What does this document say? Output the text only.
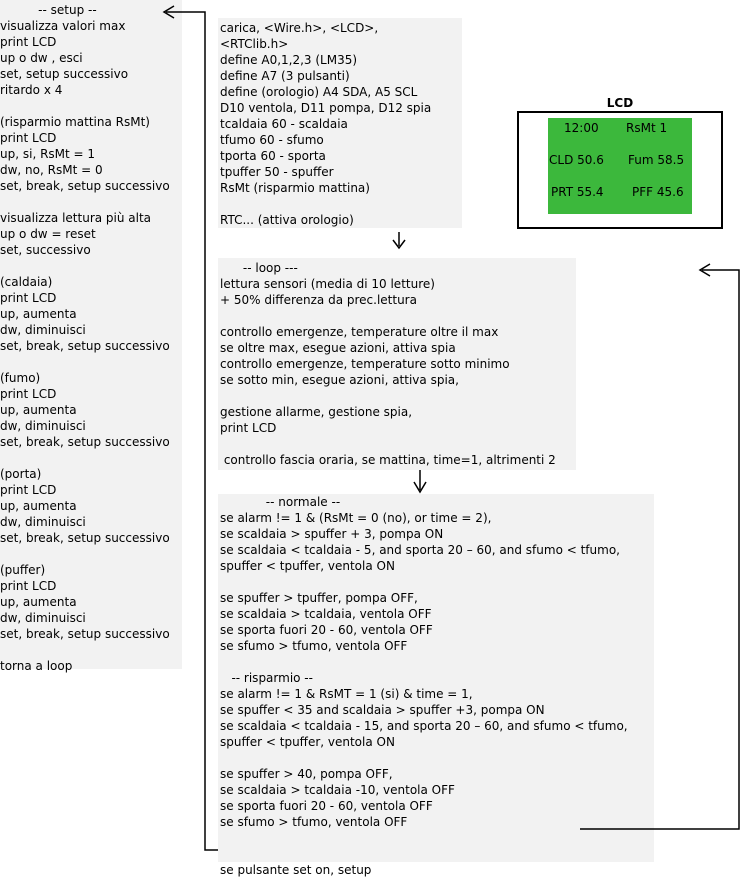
-- setup --
visualizza valori max
print LCD
up o dw , esci
set, setup successivo
ritardo x 4

(risparmio mattina RsMt)
print LCD
up, si, RsMt = 1
dw, no, RsMt = 0
set, break, setup successivo

visualizza lettura più alta
up o dw = reset
set, successivo

(caldaia)
print LCD
up, aumenta
dw, diminuisci
set, break, setup successivo

(fumo)
print LCD
up, aumenta
dw, diminuisci
set, break, setup successivo

(porta)
print LCD
up, aumenta
dw, diminuisci
set, break, setup successivo

(puffer)
print LCD
up, aumenta
dw, diminuisci
set, break, setup successivo

torna a loop
carica, <Wire.h>, <LCD>,
<RTClib.h>
define A0,1,2,3 (LM35)
define A7 (3 pulsanti)
define (orologio) A4 SDA, A5 SCL
D10 ventola, D11 pompa, D12 spia
tcaldaia 60 - scaldaia
tfumo 60 - sfumo
tporta 60 - sporta
tpuffer 50 - spuffer
RsMt (risparmio mattina)

RTC... (attiva orologio)
-- loop ---
lettura sensori (media di 10 letture)
+ 50% differenza da prec.lettura

controllo emergenze, temperature oltre il max
se oltre max, esegue azioni, attiva spia
controllo emergenze, temperature sotto minimo
se sotto min, esegue azioni, attiva spia,

gestione allarme, gestione spia,
print LCD

controllo fascia oraria, se mattina, time=1, altrimenti 2
-- normale --
se alarm != 1 & (RsMt = 0 (no), or time = 2),
se scaldaia > spuffer + 3, pompa ON
se scaldaia < tcaldaia - 5, and sporta 20 – 60, and sfumo < tfumo,
spuffer < tpuffer, ventola ON

se spuffer > tpuffer, pompa OFF,
se scaldaia > tcaldaia, ventola OFF
se sporta fuori 20 - 60, ventola OFF
se sfumo > tfumo, ventola OFF

-- risparmio --
se alarm != 1 & RsMT = 1 (si) & time = 1,
se spuffer < 35 and scaldaia > spuffer +3, pompa ON
se scaldaia < tcaldaia - 15, and sporta 20 – 60, and sfumo < tfumo,
spuffer < tpuffer, ventola ON

se spuffer > 40, pompa OFF,
se scaldaia > tcaldaia -10, ventola OFF
se sporta fuori 20 - 60, ventola OFF
se sfumo > tfumo, ventola OFF

se pulsante set on, setup
LCD
12:00 RsMt 1
CLD 50.6 Fum 58.5
PRT 55.4 PFF 45.6
